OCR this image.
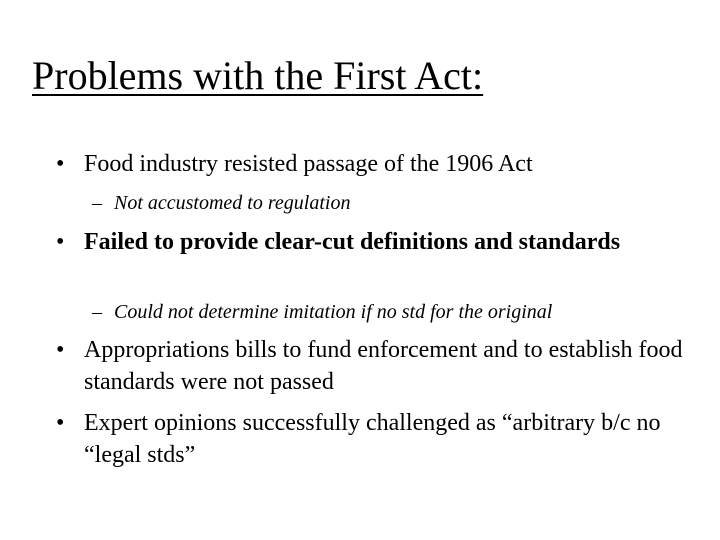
Problems with the First Act:
• Food industry resisted passage of the 1906 Act
– Not accustomed to regulation
• Failed to provide clear-cut definitions and standards
– Could not determine imitation if no std for the original
• Appropriations bills to fund enforcement and to establish food standards were not passed
• Expert opinions successfully challenged as “arbitrary b/c no “legal stds”
